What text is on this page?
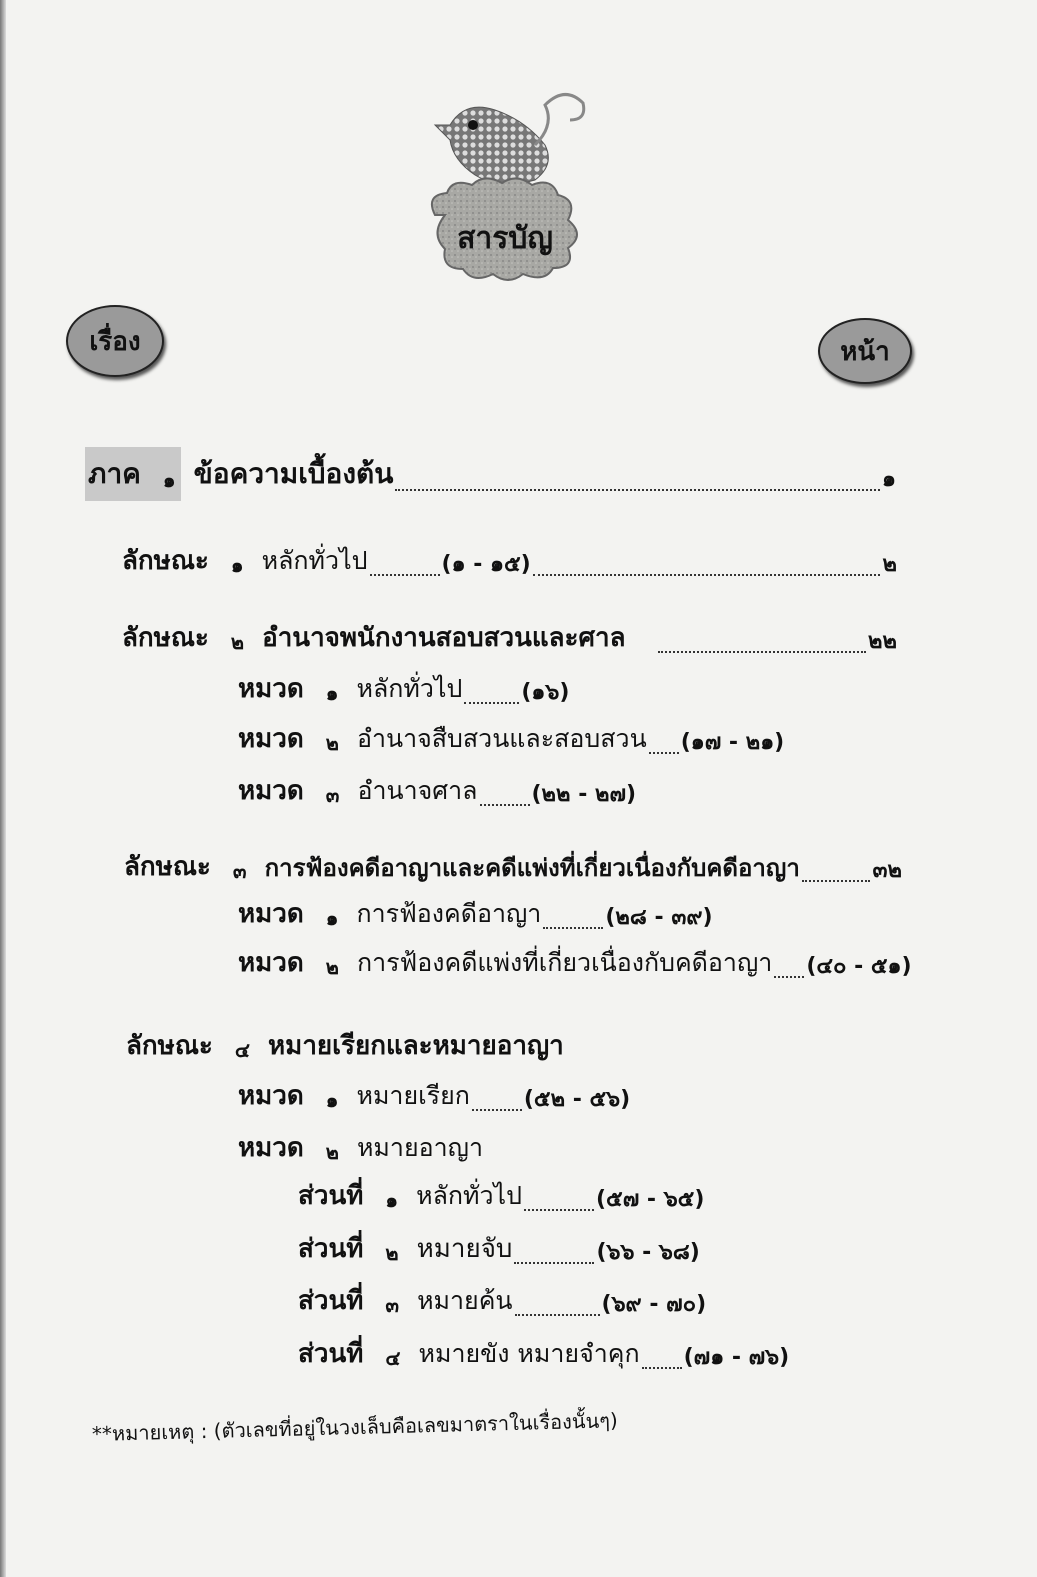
สารบัญ
เรื่อง	หน้า
ภาค ๑ ข้อความเบื้องต้น	๑
ลักษณะ ๑ หลักทั่วไป	(๑ - ๑๕)	๒
ลักษณะ ๒ อำนาจพนักงานสอบสวนและศาล	๒๒
หมวด ๑ หลักทั่วไป	(๑๖)
หมวด ๒ อำนาจสืบสวนและสอบสวน (๑๗ - ๒๑)
หมวด ๓ อำนาจศาล (๒๒ - ๒๗)
ลักษณะ ๓ การฟ้องคดีอาญาและคดีแพ่งที่เกี่ยวเนื่องกับคดีอาญา	๓๒
หมวด ๑ การฟ้องคดีอาญา	(๒๘ - ๓๙)
หมวด ๒ การฟ้องคดีแพ่งที่เกี่ยวเนื่องกับคดีอาญา (๔๐ - ๕๑)
ลักษณะ ๔ หมายเรียกและหมายอาญา
หมวด ๑ หมายเรียก (๕๒ - ๕๖)
หมวด ๒ หมายอาญา
ส่วนที่ ๑ หลักทั่วไป	(๕๗ - ๖๕)
ส่วนที่ ๒ หมายจับ	(๖๖ - ๖๘)
ส่วนที่ ๓ หมายค้น	(๖๙ - ๗๐)
ส่วนที่ ๔ หมายขัง หมายจำคุก (๗๑ - ๗๖)
**หมายเหตุ : (ตัวเลขที่อยู่ในวงเล็บคือเลขมาตราในเรื่องนั้นๆ)
